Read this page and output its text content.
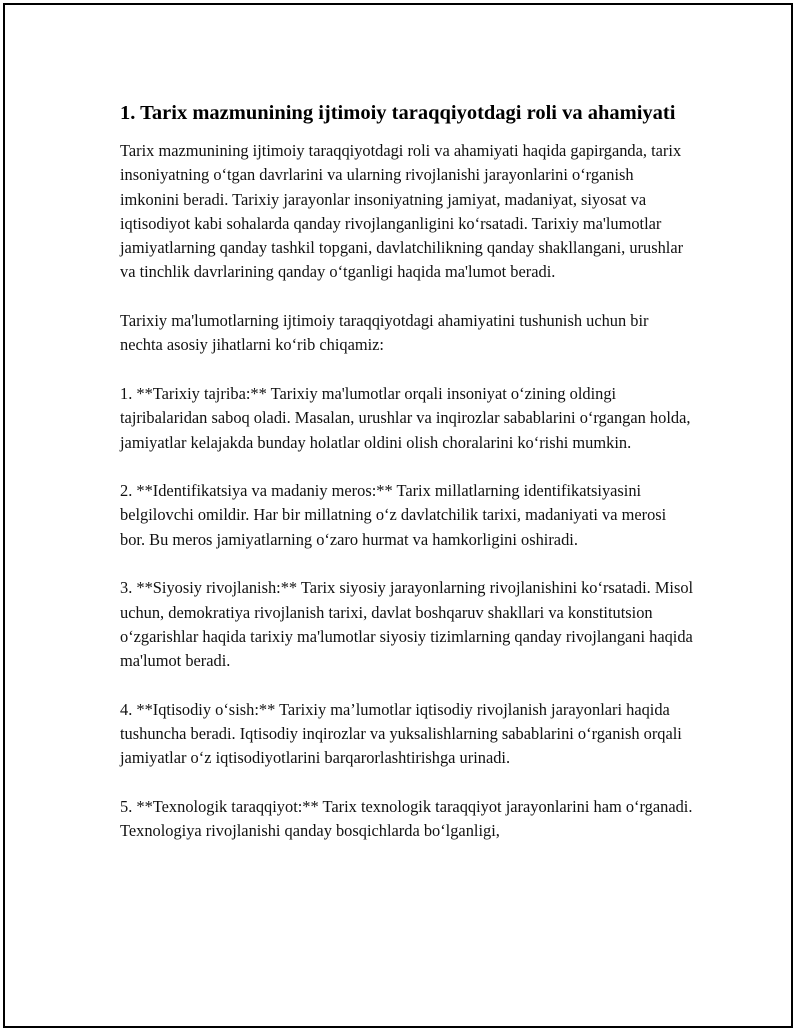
1. Tarix mazmunining ijtimoiy taraqqiyotdagi roli va ahamiyati

Tarix mazmunining ijtimoiy taraqqiyotdagi roli va ahamiyati haqida gapirganda, tarix insoniyatning o‘tgan davrlarini va ularning rivojlanishi jarayonlarini o‘rganish imkonini beradi. Tarixiy jarayonlar insoniyatning jamiyat, madaniyat, siyosat va iqtisodiyot kabi sohalarda qanday rivojlanganligini ko‘rsatadi. Tarixiy ma'lumotlar jamiyatlarning qanday tashkil topgani, davlatchilikning qanday shakllangani, urushlar va tinchlik davrlarining qanday o‘tganligi haqida ma'lumot beradi.

Tarixiy ma'lumotlarning ijtimoiy taraqqiyotdagi ahamiyatini tushunish uchun bir nechta asosiy jihatlarni ko‘rib chiqamiz:

1. **Tarixiy tajriba:** Tarixiy ma'lumotlar orqali insoniyat o‘zining oldingi tajribalaridan saboq oladi. Masalan, urushlar va inqirozlar sabablarini o‘rgangan holda, jamiyatlar kelajakda bunday holatlar oldini olish choralarini ko‘rishi mumkin.

2. **Identifikatsiya va madaniy meros:** Tarix millatlarning identifikatsiyasini belgilovchi omildir. Har bir millatning o‘z davlatchilik tarixi, madaniyati va merosi bor. Bu meros jamiyatlarning o‘zaro hurmat va hamkorligini oshiradi.

3. **Siyosiy rivojlanish:** Tarix siyosiy jarayonlarning rivojlanishini ko‘rsatadi. Misol uchun, demokratiya rivojlanish tarixi, davlat boshqaruv shakllari va konstitutsion o‘zgarishlar haqida tarixiy ma'lumotlar siyosiy tizimlarning qanday rivojlangani haqida ma'lumot beradi.

4. **Iqtisodiy o‘sish:** Tarixiy ma’lumotlar iqtisodiy rivojlanish jarayonlari haqida tushuncha beradi. Iqtisodiy inqirozlar va yuksalishlarning sabablarini o‘rganish orqali jamiyatlar o‘z iqtisodiyotlarini barqarorlashtirishga urinadi.

5. **Texnologik taraqqiyot:** Tarix texnologik taraqqiyot jarayonlarini ham o‘rganadi. Texnologiya rivojlanishi qanday bosqichlarda bo‘lganligi,
